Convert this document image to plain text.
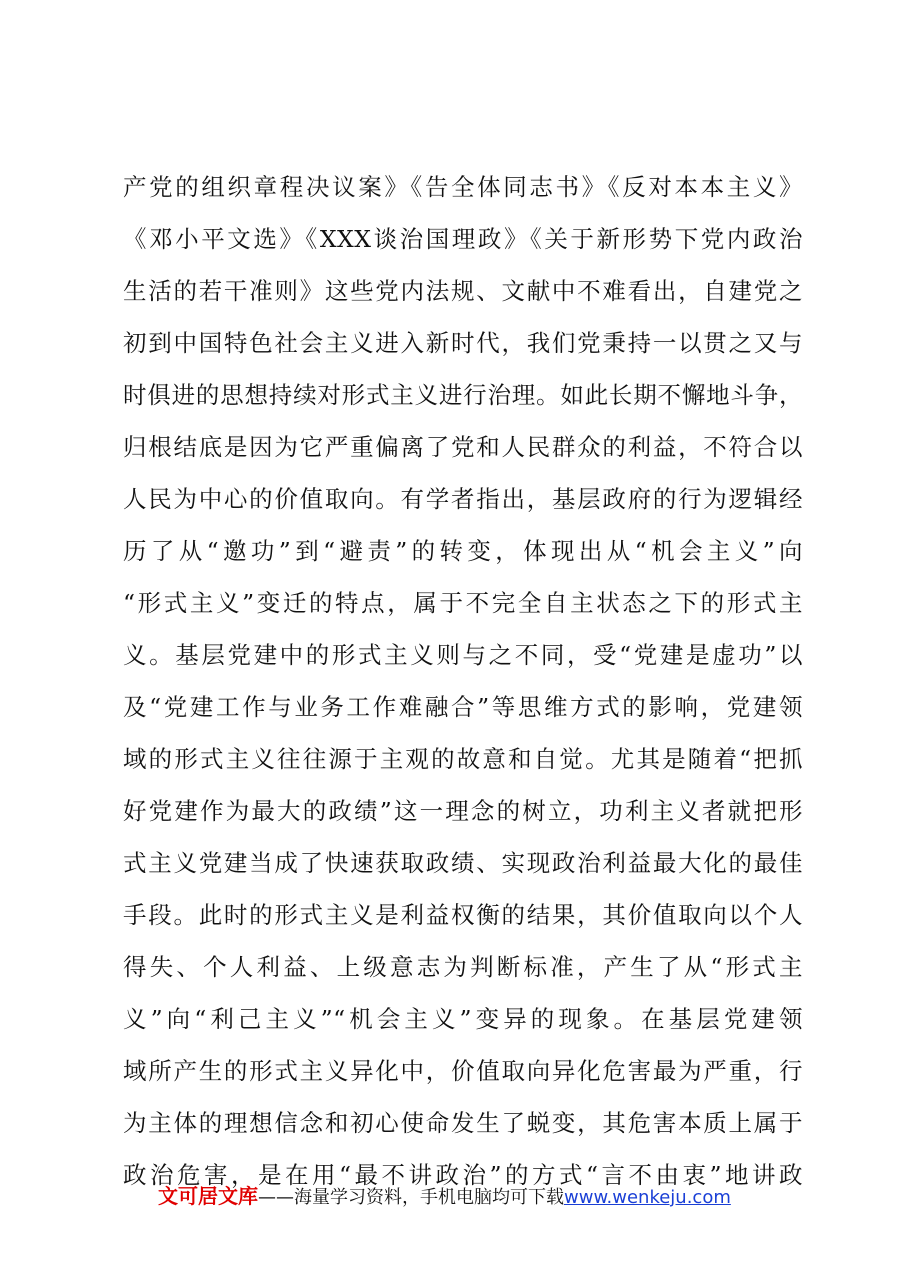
产党的组织章程决议案》《告全体同志书》《反对本本主义》
《邓小平文选》《XXX谈治国理政》《关于新形势下党内政治
生活的若干准则》这些党内法规、文献中不难看出，自建党之
初到中国特色社会主义进入新时代，我们党秉持一以贯之又与
时俱进的思想持续对形式主义进行治理。如此长期不懈地斗争，
归根结底是因为它严重偏离了党和人民群众的利益，不符合以
人民为中心的价值取向。有学者指出，基层政府的行为逻辑经
历了从“邀功”到“避责”的转变，体现出从“机会主义”向
“形式主义”变迁的特点，属于不完全自主状态之下的形式主
义。基层党建中的形式主义则与之不同，受“党建是虚功”以
及“党建工作与业务工作难融合”等思维方式的影响，党建领
域的形式主义往往源于主观的故意和自觉。尤其是随着“把抓
好党建作为最大的政绩”这一理念的树立，功利主义者就把形
式主义党建当成了快速获取政绩、实现政治利益最大化的最佳
手段。此时的形式主义是利益权衡的结果，其价值取向以个人
得失、个人利益、上级意志为判断标准，产生了从“形式主
义”向“利己主义”“机会主义”变异的现象。在基层党建领
域所产生的形式主义异化中，价值取向异化危害最为严重，行
为主体的理想信念和初心使命发生了蜕变，其危害本质上属于
政治危害，是在用“最不讲政治”的方式“言不由衷”地讲政
文可居文库——海量学习资料，手机电脑均可下载www.wenkeju.com
